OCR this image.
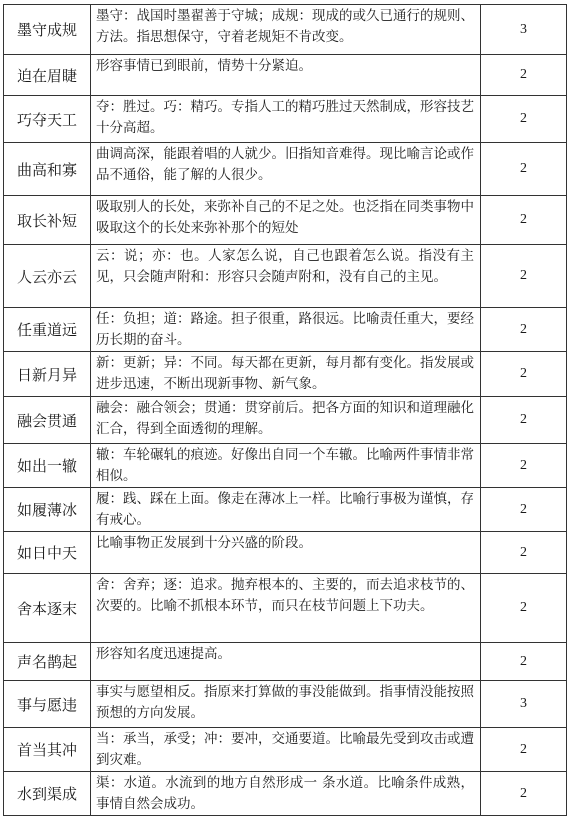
墨守成规	墨守：战国时墨翟善于守城；成规：现成的或久已通行的规则、方法。指思想保守，守着老规矩不肯改变。	3
迫在眉睫	形容事情已到眼前，情势十分紧迫。	2
巧夺天工	夺：胜过。巧：精巧。专指人工的精巧胜过天然制成，形容技艺十分高超。	2
曲高和寡	曲调高深，能跟着唱的人就少。旧指知音难得。现比喻言论或作品不通俗，能了解的人很少。	2
取长补短	吸取别人的长处，来弥补自己的不足之处。也泛指在同类事物中吸取这个的长处来弥补那个的短处	2
人云亦云	云：说；亦：也。人家怎么说，自己也跟着怎么说。指没有主见，只会随声附和：形容只会随声附和，没有自己的主见。	2
任重道远	任：负担；道：路途。担子很重，路很远。比喻责任重大，要经历长期的奋斗。	2
日新月异	新：更新；异：不同。每天都在更新，每月都有变化。指发展或进步迅速，不断出现新事物、新气象。	2
融会贯通	融会：融合领会；贯通：贯穿前后。把各方面的知识和道理融化汇合，得到全面透彻的理解。	2
如出一辙	辙：车轮碾轧的痕迹。好像出自同一个车辙。比喻两件事情非常相似。	2
如履薄冰	履：践、踩在上面。像走在薄冰上一样。比喻行事极为谨慎，存有戒心。	2
如日中天	比喻事物正发展到十分兴盛的阶段。	2
舍本逐末	舍：舍弃；逐：追求。抛弃根本的、主要的，而去追求枝节的、次要的。比喻不抓根本环节，而只在枝节问题上下功夫。	2
声名鹊起	形容知名度迅速提高。	2
事与愿违	事实与愿望相反。指原来打算做的事没能做到。指事情没能按照预想的方向发展。	3
首当其冲	当：承当，承受；冲：要冲，交通要道。比喻最先受到攻击或遭到灾难。	2
水到渠成	渠：水道。水流到的地方自然形成一 条水道。比喻条件成熟，事情自然会成功。	2
